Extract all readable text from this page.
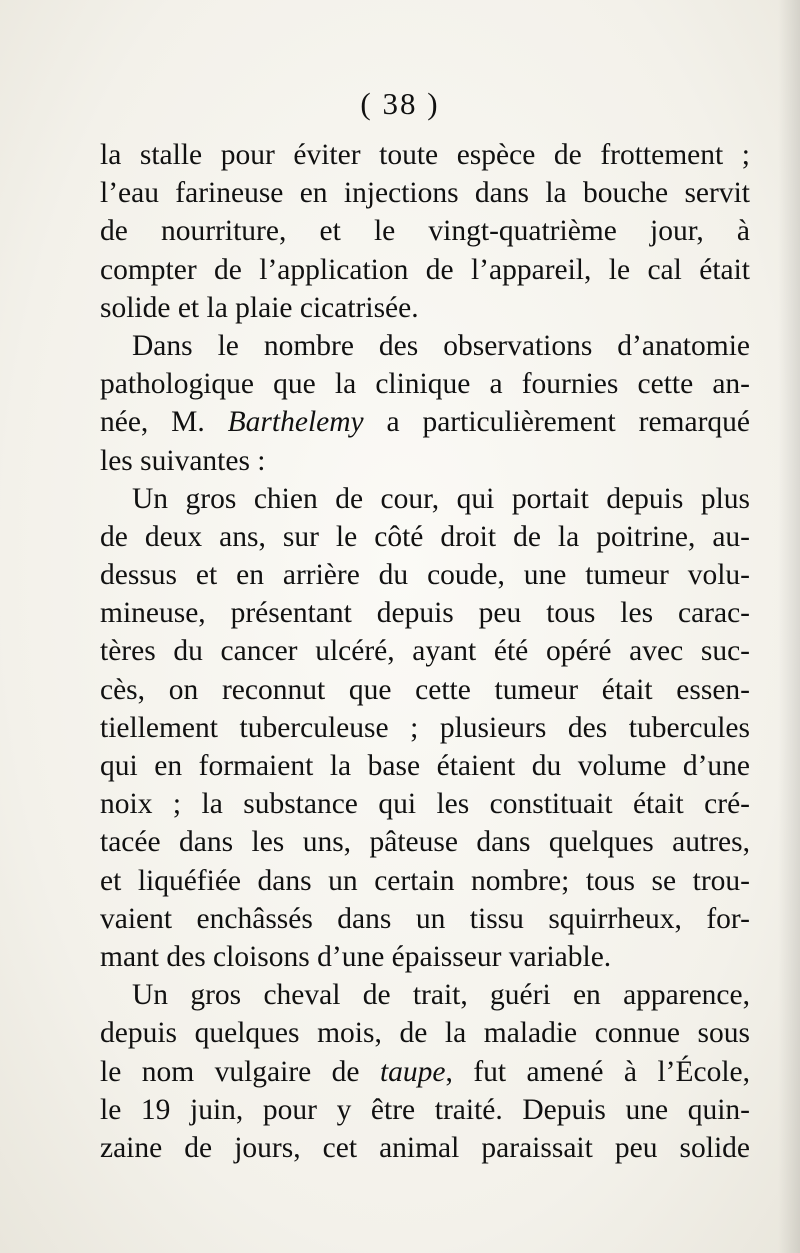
( 38 )
la stalle pour éviter toute espèce de frottement ;
l’eau farineuse en injections dans la bouche servit
de nourriture, et le vingt-quatrième jour, à
compter de l’application de l’appareil, le cal était
solide et la plaie cicatrisée.
Dans le nombre des observations d’anatomie
pathologique que la clinique a fournies cette an-
née, M. Barthelemy a particulièrement remarqué
les suivantes :
Un gros chien de cour, qui portait depuis plus
de deux ans, sur le côté droit de la poitrine, au-
dessus et en arrière du coude, une tumeur volu-
mineuse, présentant depuis peu tous les carac-
tères du cancer ulcéré, ayant été opéré avec suc-
cès, on reconnut que cette tumeur était essen-
tiellement tuberculeuse ; plusieurs des tubercules
qui en formaient la base étaient du volume d’une
noix ; la substance qui les constituait était cré-
tacée dans les uns, pâteuse dans quelques autres,
et liquéfiée dans un certain nombre; tous se trou-
vaient enchâssés dans un tissu squirrheux, for-
mant des cloisons d’une épaisseur variable.
Un gros cheval de trait, guéri en apparence,
depuis quelques mois, de la maladie connue sous
le nom vulgaire de taupe, fut amené à l’École,
le 19 juin, pour y être traité. Depuis une quin-
zaine de jours, cet animal paraissait peu solide
